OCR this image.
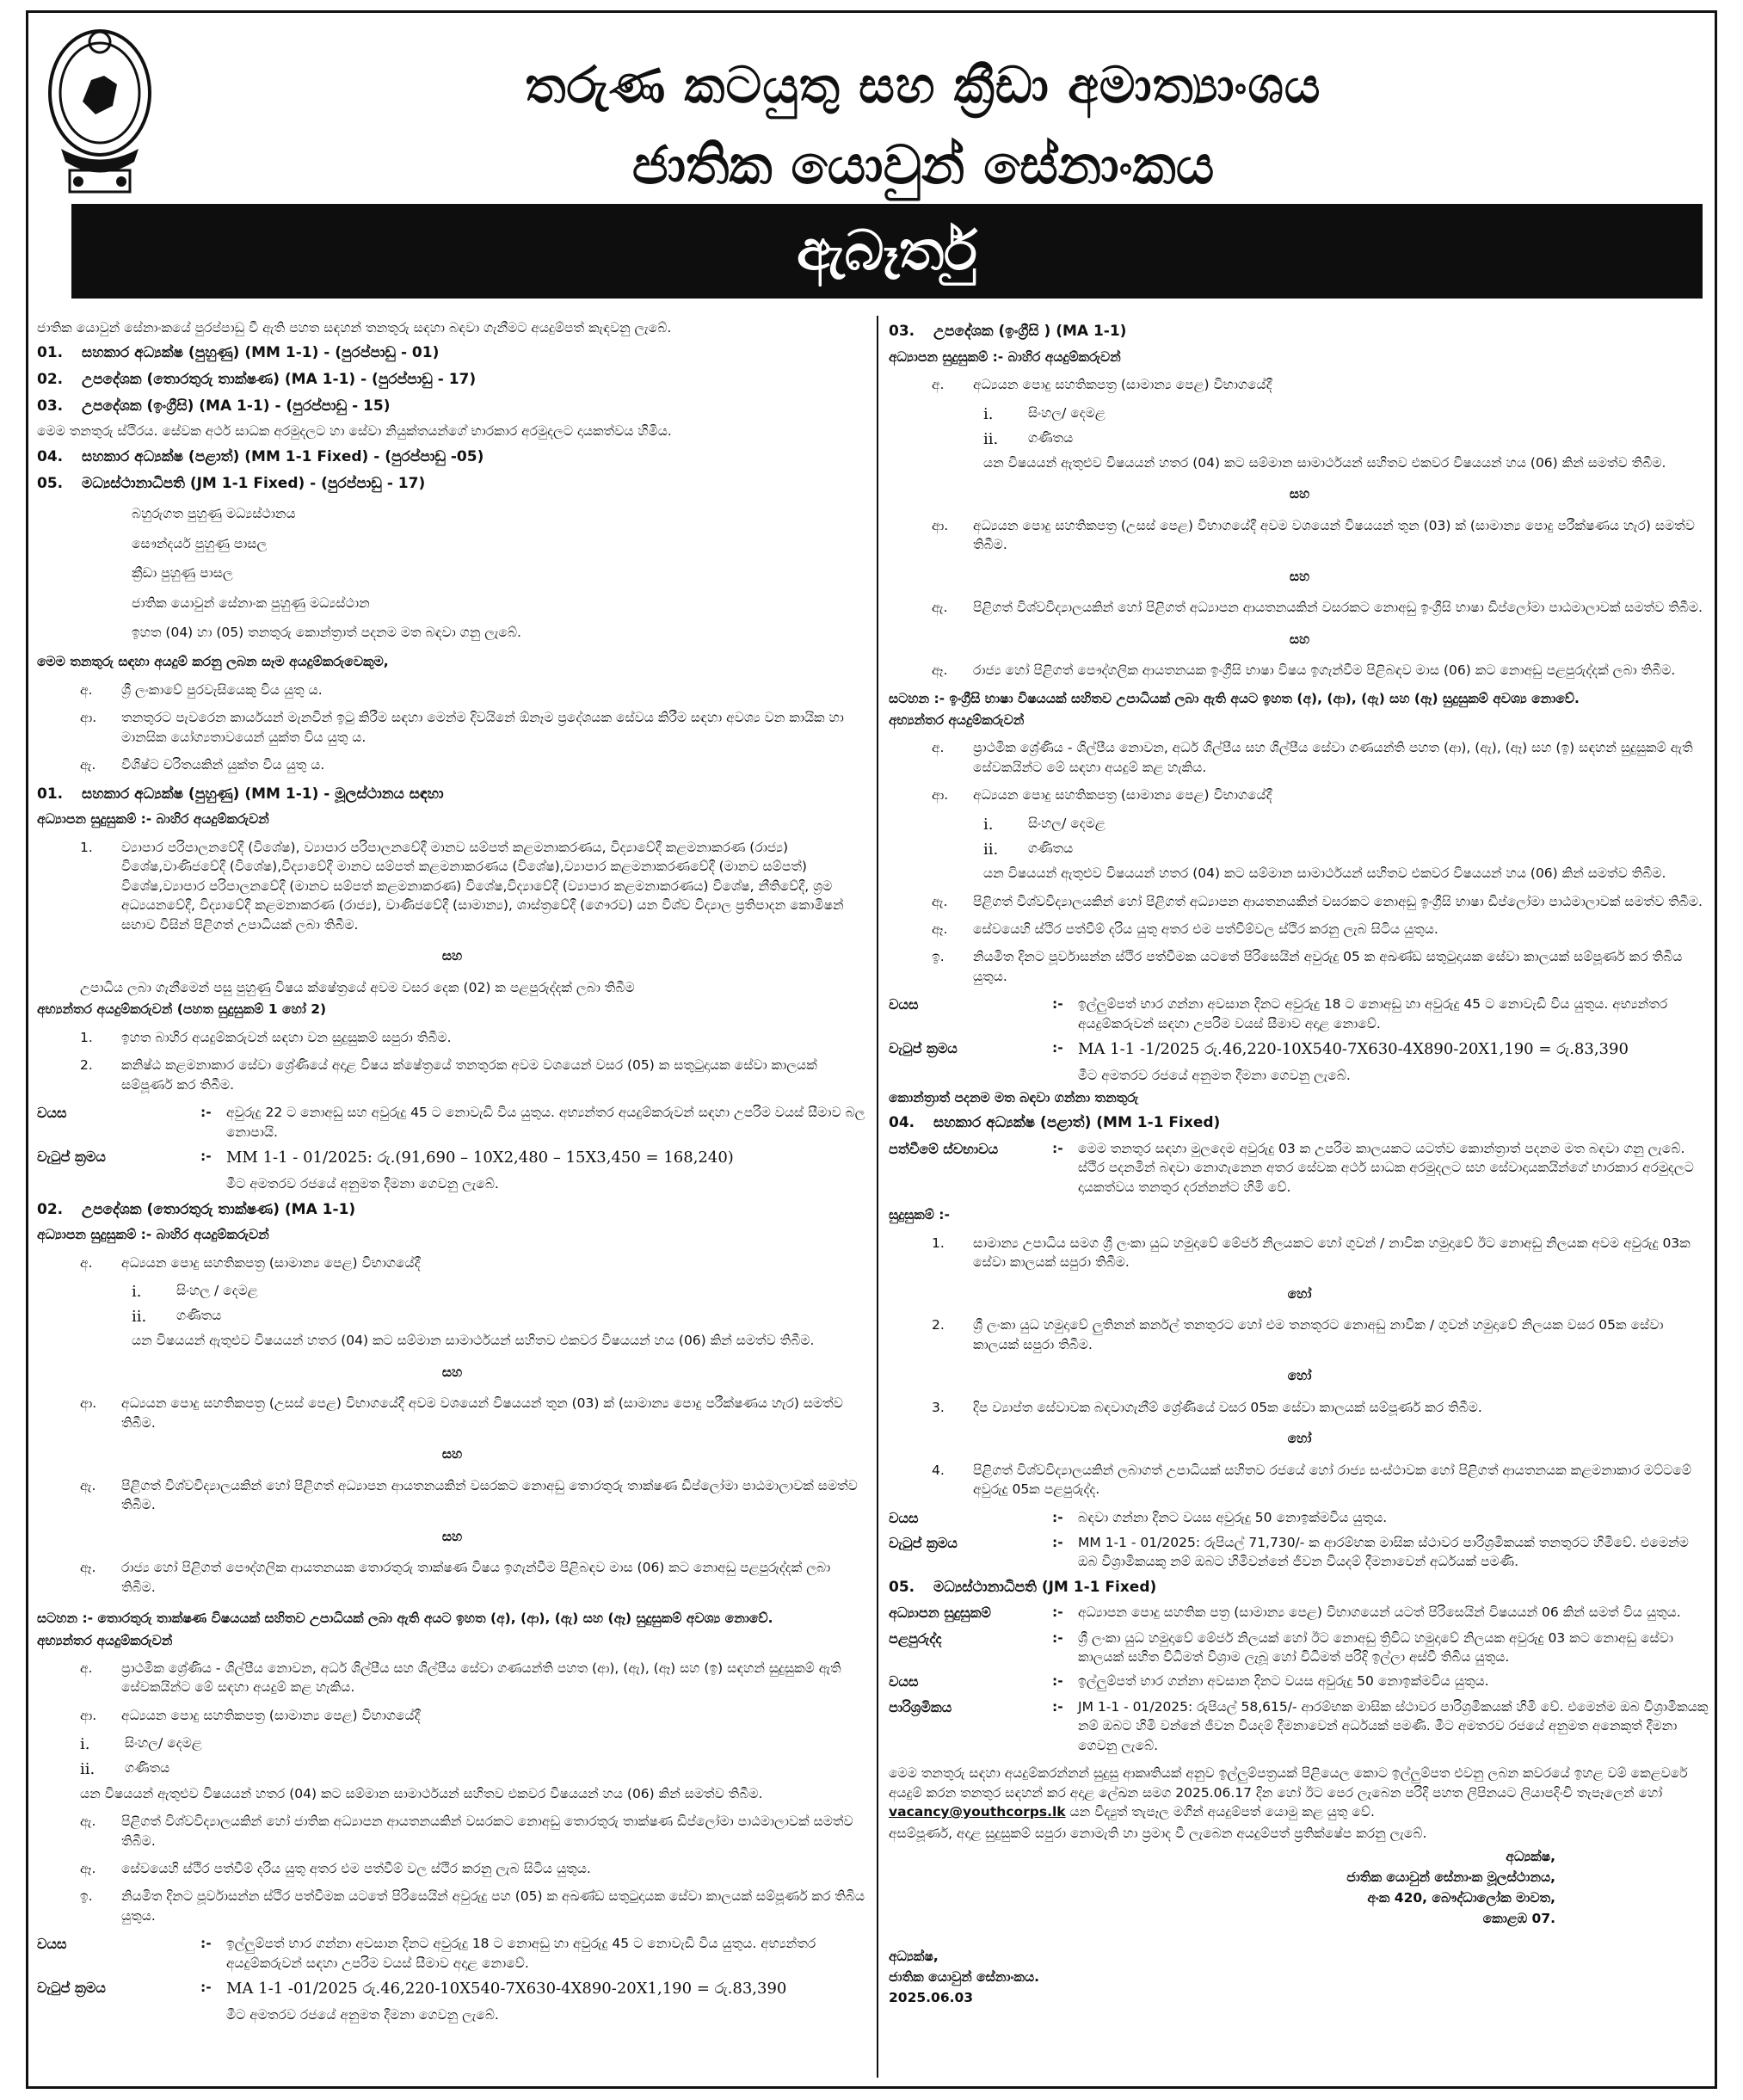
තරුණ කටයුතු සහ ක්‍රීඩා අමාත්‍යාංශය
ජාතික යොවුන් සේනාංකය
ඇබෑර්තු
ජාතික යොවුන් සේනාංකයේ පුරප්පාඩු වී ඇති පහත සඳහන් තනතුරු සඳහා බඳවා ගැනීමට අයදුම්පත් කැඳවනු ලැබේ.
01.	සහකාර අධ්‍යක්ෂ (පුහුණු) (MM 1-1) - (පුරප්පාඩු - 01)
02.	උපදේශක (තොරතුරු තාක්ෂණ) (MA 1-1) - (පුරප්පාඩු - 17)
03.	උපදේශක (ඉංග්‍රීසි) (MA 1-1) - (පුරප්පාඩු - 15)
මෙම තනතුරු ස්ථිරය. සේවක අර්ථ සාධක අරමුදලට හා සේවා නියුක්තයන්ගේ භාරකාර අරමුදලට දායකත්වය හිමිය.
04.	සහකාර අධ්‍යක්ෂ (පළාත්) (MM 1-1 Fixed) - (පුරප්පාඩු -05)
05.	මධ්‍යස්ථානාධිපති (JM 1-1 Fixed) - (පුරප්පාඩු - 17)
බහුරුගත පුහුණු මධ්‍යස්ථානය
සෞන්දර්ය පුහුණු පාසල
ක්‍රීඩා පුහුණු පාසල
ජාතික යොවුන් සේනාංක පුහුණු මධ්‍යස්ථාන
ඉහත (04) හා (05) තනතුරු කොන්ත්‍රාත් පදනම මත බඳවා ගනු ලැබේ.
මෙම තනතුරු සඳහා අයදුම් කරනු ලබන සෑම අයදුම්කරුවෙකුම,
අ.	ශ්‍රී ලංකාවේ පුරවැසියෙකු විය යුතු ය.
ආ.	තනතුරට පැවරෙන කාර්යයන් මැනවින් ඉටු කිරීම සඳහා මෙන්ම දිවයිනේ ඕනෑම ප්‍රදේශයක සේවය කිරීම සඳහා අවශ්‍ය වන කායික හා මානසික යෝග්‍යතාවයෙන් යුක්ත විය යුතු ය.
ඇ.	විශිෂ්ට චරිතයකින් යුක්ත විය යුතු ය.
01.	සහකාර අධ්‍යක්ෂ (පුහුණු) (MM 1-1) - මූලස්ථානය සඳහා
අධ්‍යාපන සුදුසුකම් :- බාහිර අයදුම්කරුවන්
1.	ව්‍යාපාර පරිපාලනවේදී (විශේෂ), ව්‍යාපාර පරිපාලනවේදී මානව සම්පත් කළමනාකරණය, විද්‍යාවේදී කළමනාකරණ (රාජ්‍ය) විශේෂ,වාණිජවේදී (විශේෂ),විද්‍යාවේදී මානව සම්පත් කළමනාකරණය (විශේෂ),ව්‍යාපාර කළමනාකරණවේදී (මානව සම්පත්) විශේෂ,ව්‍යාපාර පරිපාලනවේදී (මානව සම්පත් කළමනාකරණ) විශේෂ,විද්‍යාවේදී (ව්‍යාපාර කළමනාකරණය) විශේෂ, නීතිවේදී, ශ්‍රම අධ්‍යයනවේදී, විද්‍යාවේදී කළමනාකරණ (රාජ්‍ය), වාණිජවේදී (සාමාන්‍ය), ශාස්ත්‍රවේදී (ගෞරව) යන විශ්ව විද්‍යාල ප්‍රතිපාදන කොමිෂන් සභාව විසින් පිළිගත් උපාධියක් ලබා තිබීම.
සහ
උපාධිය ලබා ගැනීමෙන් පසු පුහුණු විෂය ක්ෂේත්‍රයේ අවම වසර දෙක (02) ක පළපුරුද්දක් ලබා තිබීම
අභ්‍යන්තර අයදුම්කරුවන් (පහත සුදුසුකම් 1 හෝ 2)
1.	ඉහත බාහිර අයදුම්කරුවන් සඳහා වන සුදුසුකම් සපුරා තිබීම.
2.	කනිෂ්ඨ කළමනාකාර සේවා ශ්‍රේණියේ අදාළ විෂය ක්ෂේත්‍රයේ තනතුරක අවම වශයෙන් වසර (05) ක සතුටුදායක සේවා කාලයක් සම්පූර්ණ කර තිබීම.
වයස	:-	අවුරුදු 22 ට නොඅඩු සහ අවුරුදු 45 ට නොවැඩි විය යුතුය. අභ්‍යන්තර අයදුම්කරුවන් සඳහා උපරිම වයස් සීමාව බල නොපායි.
වැටුප් ක්‍රමය	:- MM 1-1 - 01/2025: රු.(91,690 – 10X2,480 – 15X3,450 = 168,240)
මීට අමතරව රජයේ අනුමත දීමනා ගෙවනු ලැබේ.
02.	උපදේශක (තොරතුරු තාක්ෂණ) (MA 1-1)
අධ්‍යාපන සුදුසුකම් :- බාහිර අයදුම්කරුවන්
අ.	අධ්‍යයන පොදු සහතිකපත්‍ර (සාමාන්‍ය පෙළ) විභාගයේදී
i.	සිංහල / දෙමළ
ii.	ගණිතය
යන විෂයයන් ඇතුළුව විෂයයන් හතර (04) කට සම්මාන සාමාර්ථයන් සහිතව එකවර විෂයයන් හය (06) කින් සමත්ව තිබීම.
සහ
ආ.	අධ්‍යයන පොදු සහතිකපත්‍ර (උසස් පෙළ) විභාගයේදී අවම වශයෙන් විෂයයන් තුන (03) ක් (සාමාන්‍ය පොදු පරීක්ෂණය හැර) සමත්ව තිබීම.
සහ
ඇ.	පිළිගත් විශ්වවිද්‍යාලයකින් හෝ පිළිගත් අධ්‍යාපන ආයතනයකින් වසරකට නොඅඩු තොරතුරු තාක්ෂණ ඩිප්ලෝමා පාඨමාලාවක් සමත්ව තිබීම.
සහ
ඈ.	රාජ්‍ය හෝ පිළිගත් පෞද්ගලික ආයතනයක තොරතුරු තාක්ෂණ විෂය ඉගැන්වීම පිළිබඳව මාස (06) කට නොඅඩු පළපුරුද්දක් ලබා තිබීම.
සටහන :- තොරතුරු තාක්ෂණ විෂයයක් සහිතව උපාධියක් ලබා ඇති අයට ඉහත (අ), (ආ), (ඇ) සහ (ඈ) සුදුසුකම් අවශ්‍ය නොවේ.
අභ්‍යන්තර අයදුම්කරුවන්
අ.	ප්‍රාථමික ශ්‍රේණිය - ශිල්පීය නොවන, අර්ධ ශිල්පීය සහ ශිල්පීය සේවා ගණයන්ති පහත (ආ), (ඇ), (ඈ) සහ (ඉ) සඳහන් සුදුසුකම් ඇති සේවකයින්ට මේ සඳහා අයදුම් කළ හැකිය.
ආ.	අධ්‍යයන පොදු සහතිකපත්‍ර (සාමාන්‍ය පෙළ) විභාගයේදී
i.	සිංහල/ දෙමළ
ii.	ගණිතය
යන විෂයයන් ඇතුළුව විෂයයන් හතර (04) කට සම්මාන සාමාර්ථයන් සහිතව එකවර විෂයයන් හය (06) කින් සමත්ව තිබීම.
ඇ.	පිළිගත් විශ්වවිද්‍යාලයකින් හෝ ජාතික අධ්‍යාපන ආයතනයකින් වසරකට නොඅඩු තොරතුරු තාක්ෂණ ඩිප්ලෝමා පාඨමාලාවක් සමත්ව තිබීම.
ඈ.	සේවයෙහි ස්ථිර පත්වීම් දරිය යුතු අතර එම පත්වීම් වල ස්ථිර කරනු ලැබ සිටිය යුතුය.
ඉ.	නියමිත දිනට පූර්වාසන්න ස්ථිර පත්වීමක යටතේ පිරිසෙයින් අවුරුදු පහ (05) ක අඛණ්ඩ සතුටුදායක සේවා කාලයක් සම්පූර්ණ කර තිබිය යුතුය.
වයස	:-	ඉල්ලුම්පත් භාර ගන්නා අවසාන දිනට අවුරුදු 18 ට නොඅඩු හා අවුරුදු 45 ට නොවැඩි විය යුතුය. අභ්‍යන්තර අයදුම්කරුවන් සඳහා උපරිම වයස් සීමාව අදාළ නොවේ.
වැටුප් ක්‍රමය	:- MA 1-1 -01/2025 රු.46,220-10X540-7X630-4X890-20X1,190 = රු.83,390
මීට අමතරව රජයේ අනුමත දීමනා ගෙවනු ලැබේ.
03.	උපදේශක (ඉංග්‍රීසි ) (MA 1-1)
අධ්‍යාපන සුදුසුකම් :- බාහිර අයදුම්කරුවන්
අ.	අධ්‍යයන පොදු සහතිකපත්‍ර (සාමාන්‍ය පෙළ) විභාගයේදී
i.	සිංහල/ දෙමළ
ii.	ගණිතය
යන විෂයයන් ඇතුළුව විෂයයන් හතර (04) කට සම්මාන සාමාර්ථයන් සහිතව එකවර විෂයයන් හය (06) කින් සමත්ව තිබීම.
සහ
ආ.	අධ්‍යයන පොදු සහතිකපත්‍ර (උසස් පෙළ) විභාගයේදී අවම වශයෙන් විෂයයන් තුන (03) ක් (සාමාන්‍ය පොදු පරීක්ෂණය හැර) සමත්ව තිබීම.
සහ
ඇ.	පිළිගත් විශ්වවිද්‍යාලයකින් හෝ පිළිගත් අධ්‍යාපන ආයතනයකින් වසරකට නොඅඩු ඉංග්‍රීසි භාෂා ඩිප්ලෝමා පාඨමාලාවක් සමත්ව තිබීම.
සහ
ඈ.	රාජ්‍ය හෝ පිළිගත් පෞද්ගලික ආයතනයක ඉංග්‍රීසි භාෂා විෂය ඉගැන්වීම පිළිබඳව මාස (06) කට නොඅඩු පළපුරුද්දක් ලබා තිබීම.
සටහන :- ඉංග්‍රීසි භාෂා විෂයයක් සහිතව උපාධියක් ලබා ඇති අයට ඉහත (අ), (ආ), (ඇ) සහ (ඈ) සුදුසුකම් අවශ්‍ය නොවේ.
අභ්‍යන්තර අයදුම්කරුවන්
අ.	ප්‍රාථමික ශ්‍රේණිය - ශිල්පීය නොවන, අර්ධ ශිල්පීය සහ ශිල්පීය සේවා ගණයන්ති පහත (ආ), (ඇ), (ඈ) සහ (ඉ) සඳහන් සුදුසුකම් ඇති සේවකයින්ට මේ සඳහා අයදුම් කළ හැකිය.
ආ.	අධ්‍යයන පොදු සහතිකපත්‍ර (සාමාන්‍ය පෙළ) විභාගයේදී
i.	සිංහල/ දෙමළ
ii.	ගණිතය
යන විෂයයන් ඇතුළුව විෂයයන් හතර (04) කට සම්මාන සාමාර්ථයන් සහිතව එකවර විෂයයන් හය (06) කින් සමත්ව තිබීම.
ඇ.	පිළිගත් විශ්වවිද්‍යාලයකින් හෝ පිළිගත් අධ්‍යාපන ආයතනයකින් වසරකට නොඅඩු ඉංග්‍රීසි භාෂා ඩිප්ලෝමා පාඨමාලාවක් සමත්ව තිබීම.
ඈ.	සේවයෙහි ස්ථිර පත්වීම් දරිය යුතු අතර එම පත්වීම්වල ස්ථිර කරනු ලැබ සිටිය යුතුය.
ඉ.	නියමිත දිනට පූර්වාසන්න ස්ථිර පත්වීමක යටතේ පිරිසෙයින් අවුරුදු 05 ක අඛණ්ඩ සතුටුදායක සේවා කාලයක් සම්පූර්ණ කර තිබිය යුතුය.
වයස	:-	ඉල්ලුම්පත් භාර ගන්නා අවසාන දිනට අවුරුදු 18 ට නොඅඩු හා අවුරුදු 45 ට නොවැඩි විය යුතුය. අභ්‍යන්තර අයදුම්කරුවන් සඳහා උපරිම වයස් සීමාව අදාළ නොවේ.
වැටුප් ක්‍රමය	:- MA 1-1 -1/2025 රු.46,220-10X540-7X630-4X890-20X1,190 = රු.83,390
මීට අමතරව රජයේ අනුමත දීමනා ගෙවනු ලැබේ.
කොන්ත්‍රාත් පදනම මත බඳවා ගන්නා තනතුරු
04.	සහකාර අධ්‍යක්ෂ (පළාත්) (MM 1-1 Fixed)
පත්වීමේ ස්වභාවය	:-	මෙම තනතුර සඳහා මුලදෙම අවුරුදු 03 ක උපරිම කාලයකට යටත්ව කොන්ත්‍රාත් පදනම මත බඳවා ගනු ලැබේ. ස්ථිර පදනමින් බඳවා නොගැනෙන අතර සේවක අර්ථ සාධක අරමුදලට සහ සේවාදායකයින්ගේ භාරකාර අරමුදලට දායකත්වය තනතුර දරන්නන්ට හිමි වේ.
සුදුසුකම් :-
1.	සාමාන්‍ය උපාධිය සමග ශ්‍රී ලංකා යුධ හමුදාවේ මේජර් නිලයකට හෝ ගුවන් / නාවික හමුදාවේ ඊට නොඅඩු නිලයක අවම අවුරුදු 03ක සේවා කාලයක් සපුරා තිබීම.
හෝ
2.	ශ්‍රී ලංකා යුධ හමුදාවේ ලුතිනන් කර්නල් තනතුරට හෝ එම තනතුරට නොඅඩු නාවික / ගුවන් හමුදාවේ නිලයක වසර 05ක සේවා කාලයක් සපුරා තිබීම.
හෝ
3.	දිප ව්‍යාප්ත සේවාවක බඳවාගැනීම් ශ්‍රේණියේ වසර 05ක සේවා කාලයක් සම්පූර්ණ කර තිබීම.
හෝ
4.	පිළිගත් විශ්වවිද්‍යාලයකින් ලබාගත් උපාධියක් සහිතව රජයේ හෝ රාජ්‍ය සංස්ථාවක හෝ පිළිගත් ආයතනයක කළමනාකාර මට්ටමේ අවුරුදු 05ක පළපුරුද්ද.
වයස	:-	බඳවා ගන්නා දිනට වයස අවුරුදු 50 නොඉක්මවිය යුතුය.
වැටුප් ක්‍රමය	:-	MM 1-1 - 01/2025: රුපියල් 71,730/- ක ආරම්භක මාසික ස්ථාවර පාරිශ්‍රමිකයක් තනතුරට හිමිවේ. එමෙන්ම ඔබ විශ්‍රාමිකයකු නම් ඔබට හිමිවන්නේ ජීවන වියදම් දීමනාවෙන් අර්ධයක් පමණි.
05.	මධ්‍යස්ථානාධිපති (JM 1-1 Fixed)
අධ්‍යාපන සුදුසුකම්	:-	අධ්‍යාපන පොදු සහතික පත්‍ර (සාමාන්‍ය පෙළ) විභාගයෙන් යටත් පිරිසෙයින් විෂයයන් 06 කින් සමත් විය යුතුය.
පළපුරුද්ද	:-	ශ්‍රී ලංකා යුධ හමුදාවේ මේජර් නිලයක් හෝ ඊට නොඅඩු ත්‍රිවිධ හමුදාවේ නිලයක අවුරුදු 03 කට නොඅඩු සේවා කාලයක් සහිත විධිමත් විශ්‍රාම ලැබූ හෝ විධිමත් පරිදි ඉල්ලා අස්වී තිබිය යුතුය.
වයස	:-	ඉල්ලුම්පත් භාර ගන්නා අවසාන දිනට වයස අවුරුදු 50 නොඉක්මවිය යුතුය.
පාරිශ්‍රමිකය	:-	JM 1-1 - 01/2025: රුපියල් 58,615/- ආරම්භක මාසික ස්ථාවර පාරිශ්‍රමිකයක් හිමි වේ. එමෙන්ම ඔබ විශ්‍රාමිකයකු නම් ඔබට හිමි වන්නේ ජීවන වියදම් දීමනාවෙන් අර්ධයක් පමණි. මීට අමතරව රජයේ අනුමත අනෙකුත් දීමනා ගෙවනු ලැබේ.
මෙම තනතුරු සඳහා අයදුම්කරන්නන් සුදුසු ආකෘතියක් අනුව ඉල්ලුම්පත්‍රයක් පිළියෙල කොට ඉල්ලුම්පත එවනු ලබන කවරයේ ඉහළ වම් කෙළවරේ අයදුම් කරන තනතුර සඳහන් කර අදාළ ලේඛන සමග 2025.06.17 දින හෝ ඊට පෙර ලැබෙන පරිදි පහත ලිපිනයට ලියාපදිංචි තැපෑලෙන් හෝ vacancy@youthcorps.lk යන විද්‍යුත් තැපෑල මගින් අයදුම්පත් යොමු කළ යුතු වේ.
අසම්පූර්ණ, අදාළ සුදුසුකම් සපුරා නොමැති හා ප්‍රමාද වී ලැබෙන අයදුම්පත් ප්‍රතික්ෂේප කරනු ලැබේ.
අධ්‍යක්ෂ,
ජාතික යොවුන් සේනාංක මූලස්ථානය,
අංක 420, බෞද්ධාලෝක මාවත,
කොළඹ 07.
අධ්‍යක්ෂ,
ජාතික යොවුන් සේනාංකය.
2025.06.03
